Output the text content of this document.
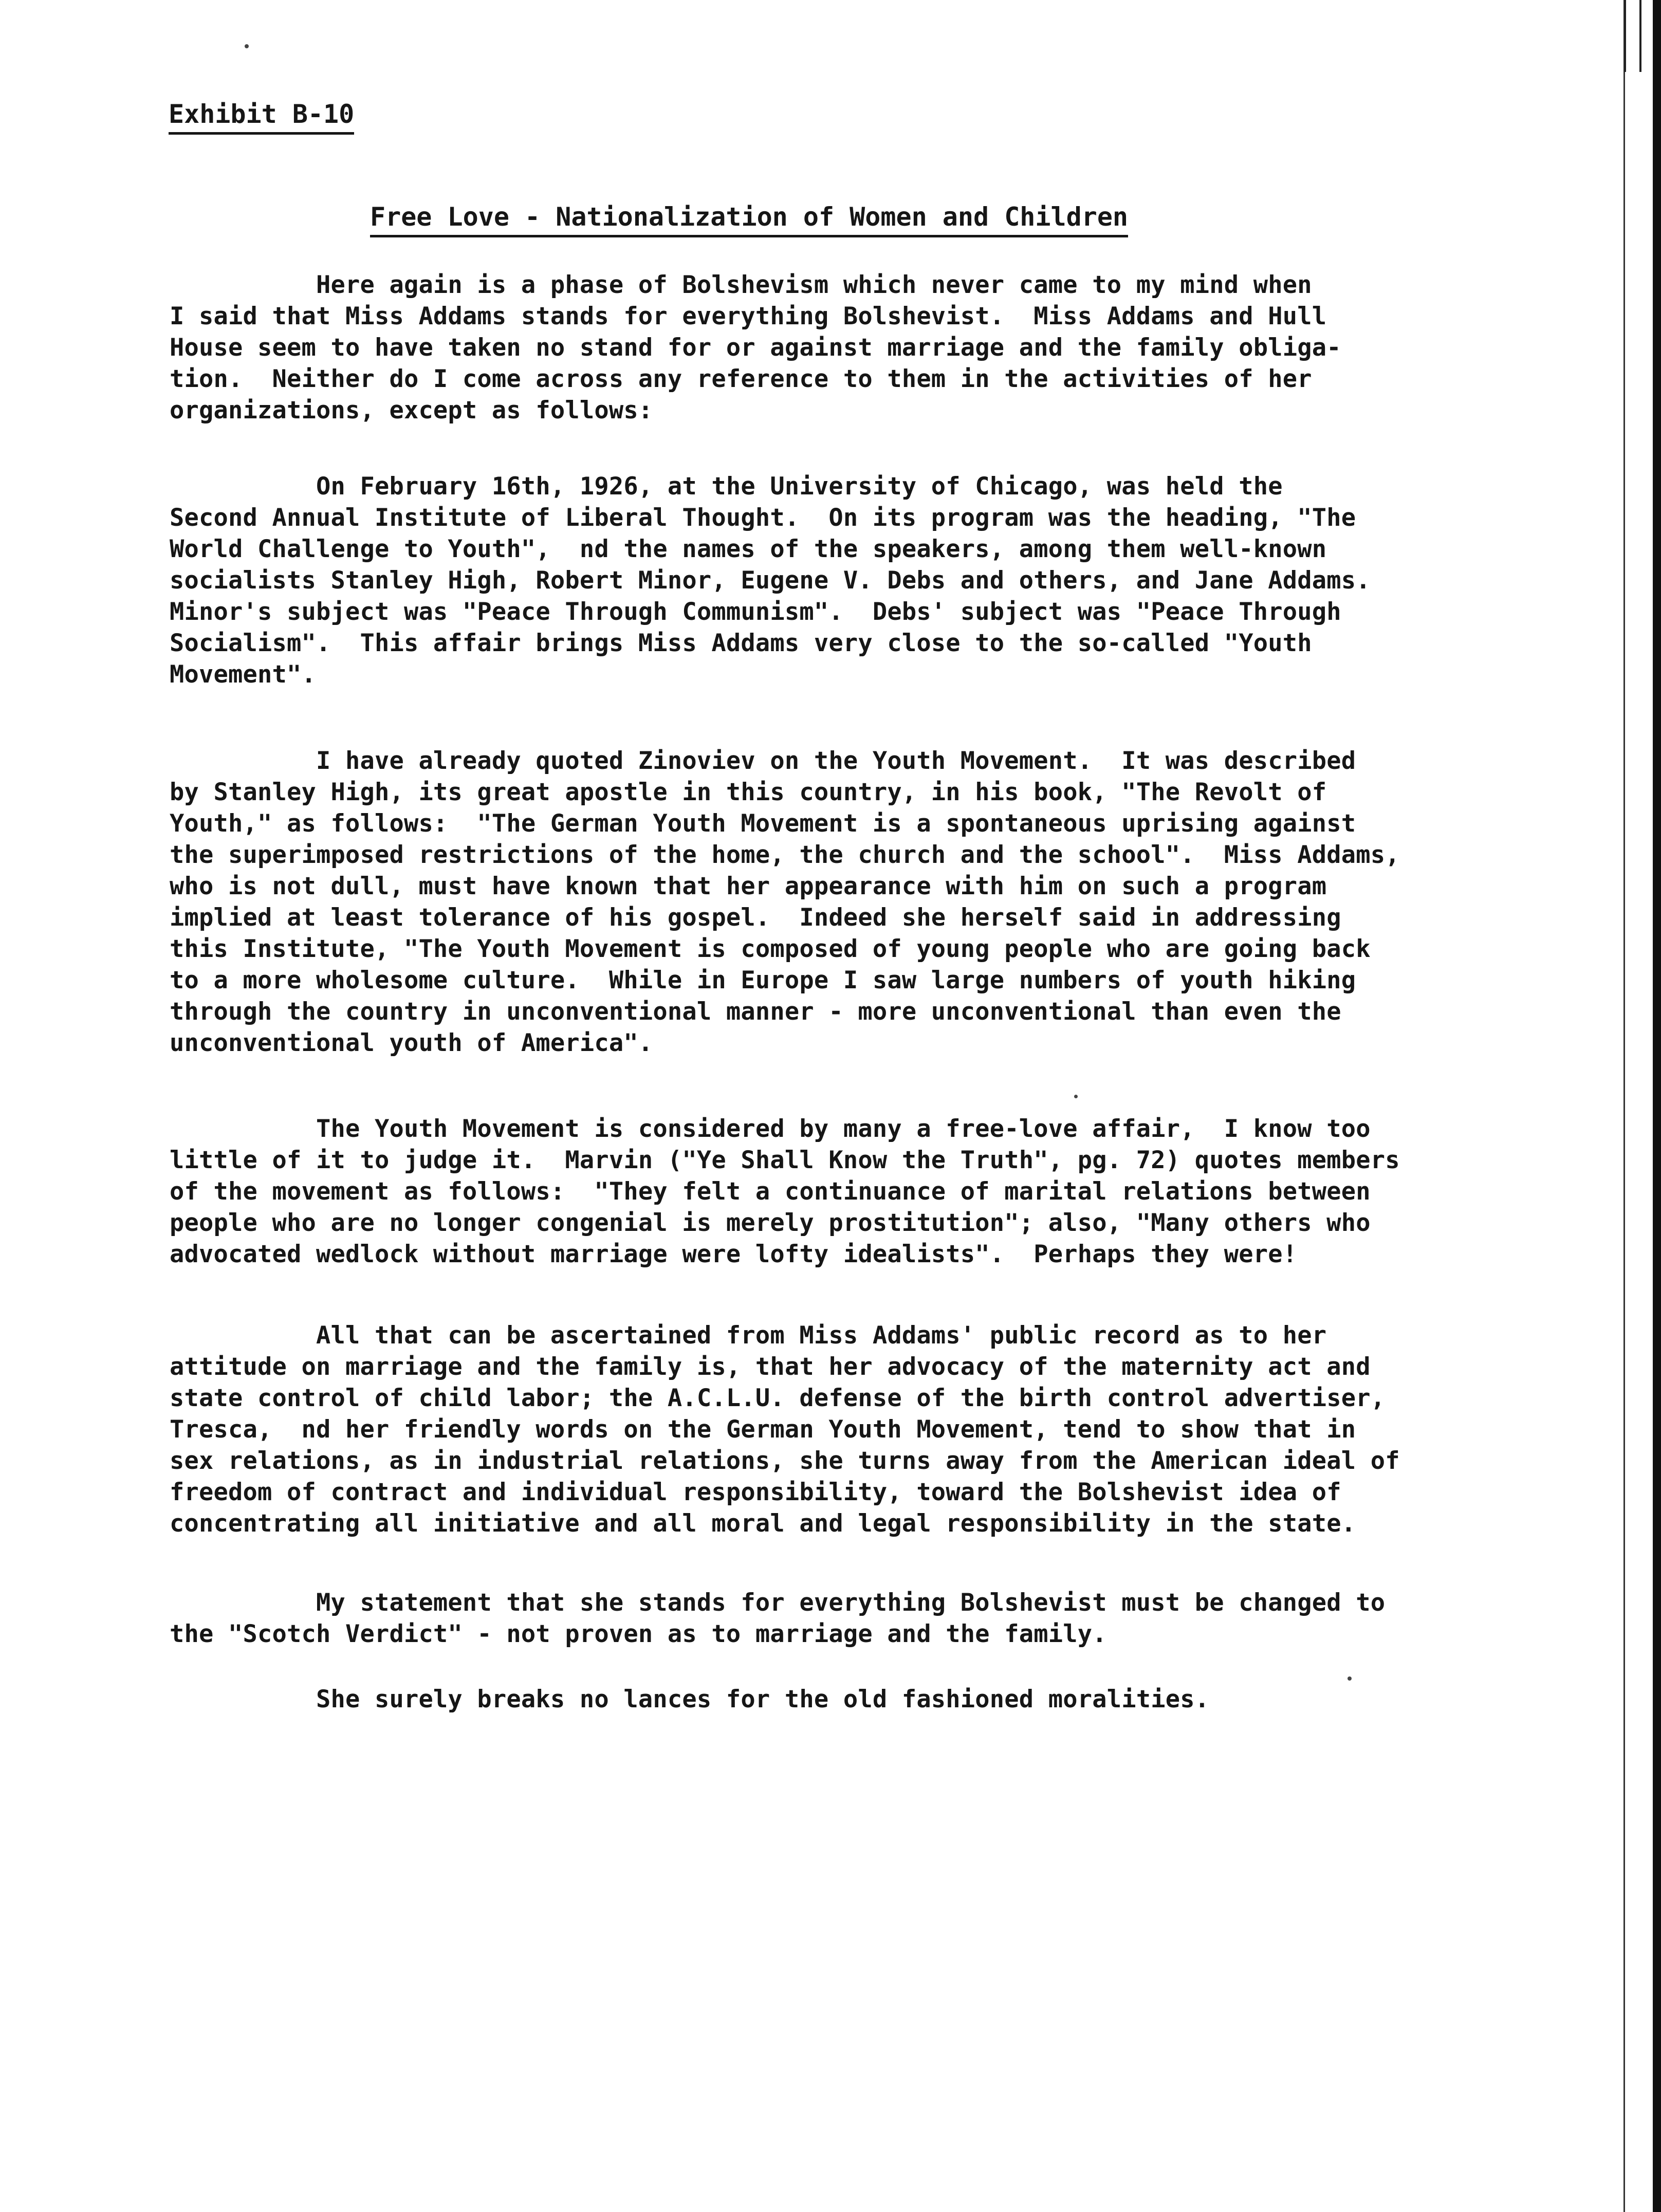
Exhibit B-10
Free Love - Nationalization of Women and Children
Here again is a phase of Bolshevism which never came to my mind when
I said that Miss Addams stands for everything Bolshevist.  Miss Addams and Hull
House seem to have taken no stand for or against marriage and the family obliga-
tion.  Neither do I come across any reference to them in the activities of her
organizations, except as follows:
On February 16th, 1926, at the University of Chicago, was held the
Second Annual Institute of Liberal Thought.  On its program was the heading, "The
World Challenge to Youth",  nd the names of the speakers, among them well-known
socialists Stanley High, Robert Minor, Eugene V. Debs and others, and Jane Addams.
Minor's subject was "Peace Through Communism".  Debs' subject was "Peace Through
Socialism".  This affair brings Miss Addams very close to the so-called "Youth
Movement".
I have already quoted Zinoviev on the Youth Movement.  It was described
by Stanley High, its great apostle in this country, in his book, "The Revolt of
Youth," as follows:  "The German Youth Movement is a spontaneous uprising against
the superimposed restrictions of the home, the church and the school".  Miss Addams,
who is not dull, must have known that her appearance with him on such a program
implied at least tolerance of his gospel.  Indeed she herself said in addressing
this Institute, "The Youth Movement is composed of young people who are going back
to a more wholesome culture.  While in Europe I saw large numbers of youth hiking
through the country in unconventional manner - more unconventional than even the
unconventional youth of America".
The Youth Movement is considered by many a free-love affair,  I know too
little of it to judge it.  Marvin ("Ye Shall Know the Truth", pg. 72) quotes members
of the movement as follows:  "They felt a continuance of marital relations between
people who are no longer congenial is merely prostitution"; also, "Many others who
advocated wedlock without marriage were lofty idealists".  Perhaps they were!
All that can be ascertained from Miss Addams' public record as to her
attitude on marriage and the family is, that her advocacy of the maternity act and
state control of child labor; the A.C.L.U. defense of the birth control advertiser,
Tresca,  nd her friendly words on the German Youth Movement, tend to show that in
sex relations, as in industrial relations, she turns away from the American ideal of
freedom of contract and individual responsibility, toward the Bolshevist idea of
concentrating all initiative and all moral and legal responsibility in the state.
My statement that she stands for everything Bolshevist must be changed to
the "Scotch Verdict" - not proven as to marriage and the family.
She surely breaks no lances for the old fashioned moralities.
